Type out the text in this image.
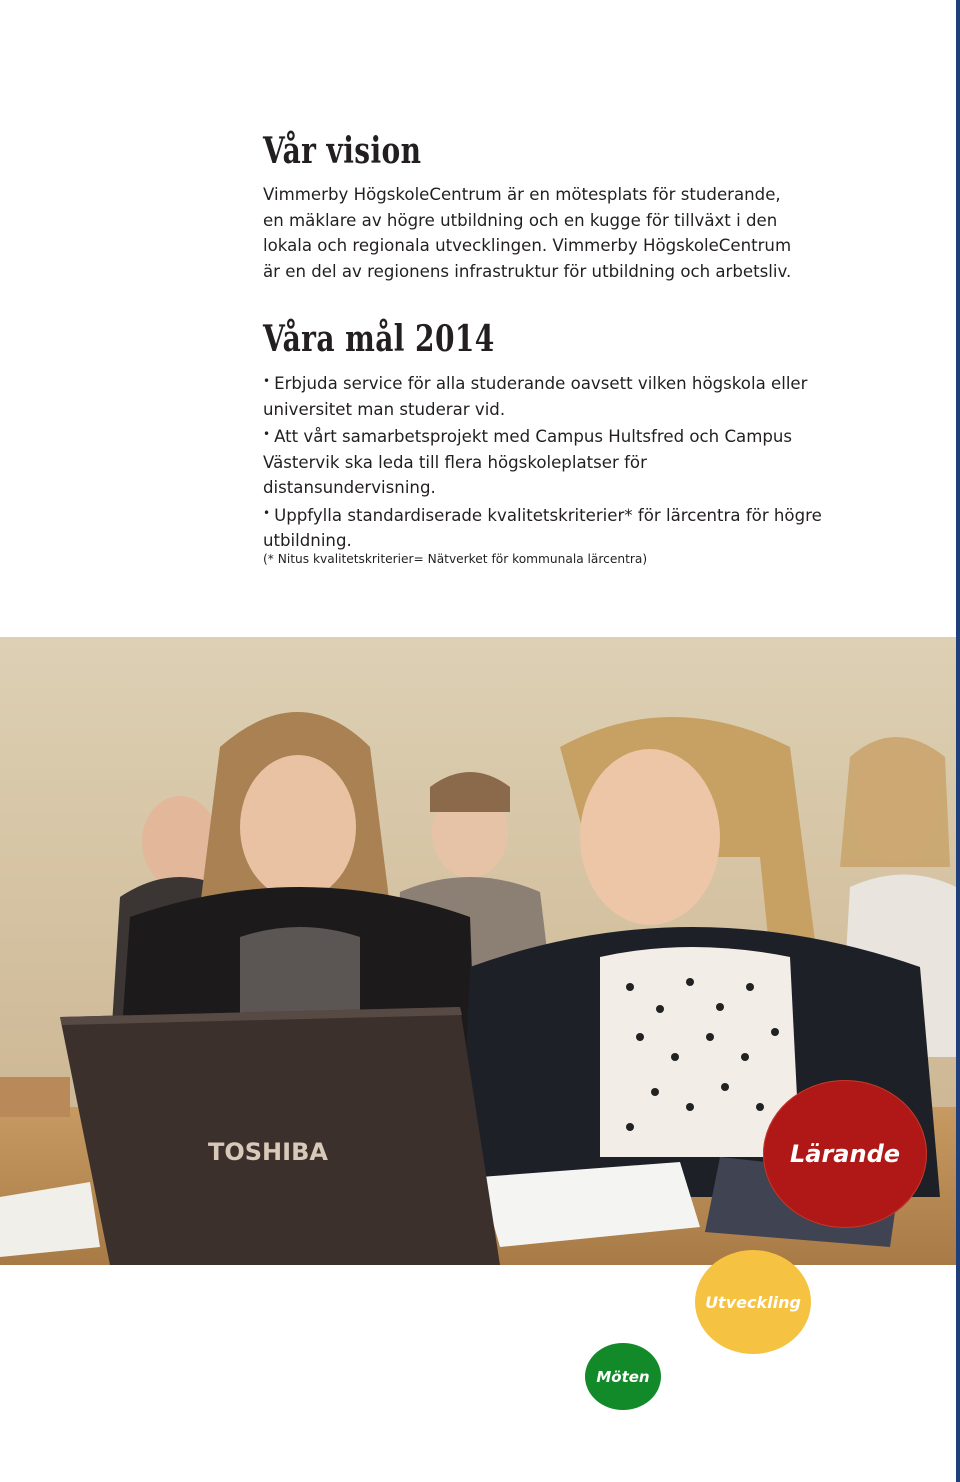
Vår vision

Vimmerby HögskoleCentrum är en mötesplats för studerande, en mäklare av högre utbildning och en kugge för tillväxt i den lokala och regionala utvecklingen. Vimmerby HögskoleCentrum är en del av regionens infrastruktur för utbildning och arbetsliv.

Våra mål 2014
• Erbjuda service för alla studerande oavsett vilken högskola eller universitet man studerar vid.
• Att vårt samarbetsprojekt med Campus Hultsfred och Campus Västervik ska leda till flera högskoleplatser för distansundervisning.
• Uppfylla standardiserade kvalitetskriterier* för lärcentra för högre utbildning.
(* Nitus kvalitetskriterier= Nätverket för kommunala lärcentra)
TOSHIBA	Lärande
Utveckling
Möten
